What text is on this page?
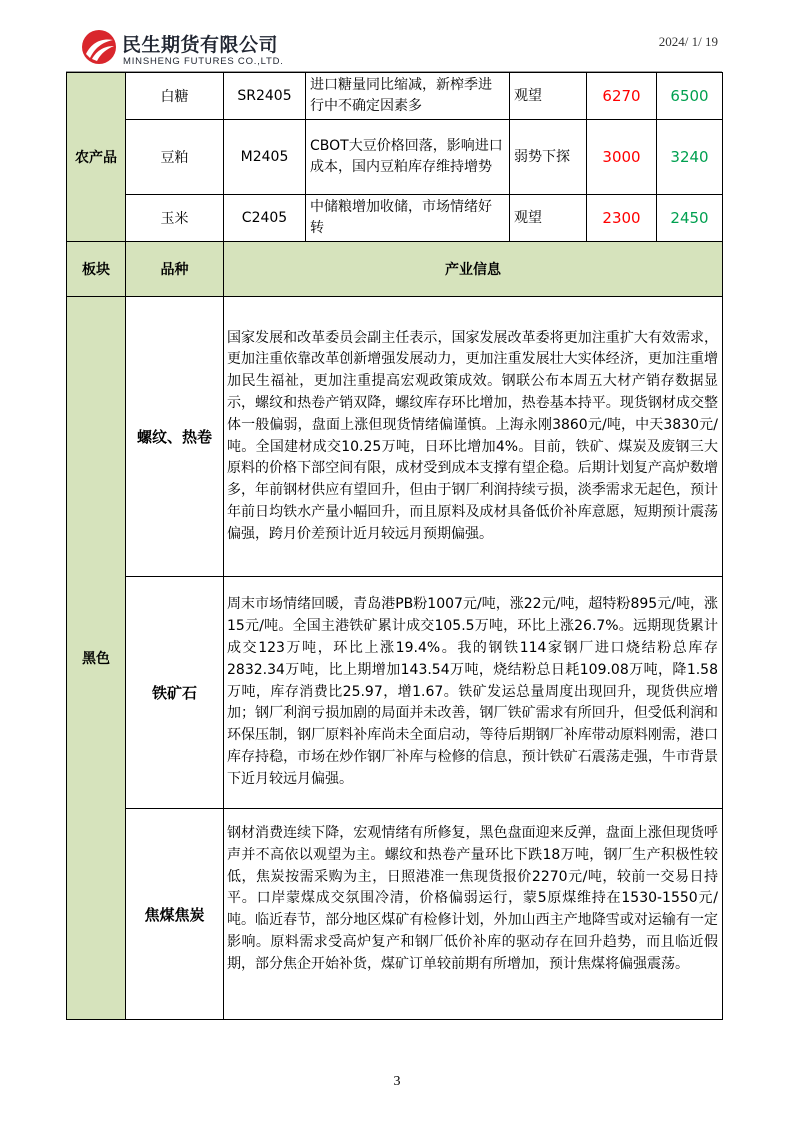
民生期货有限公司
MINSHENG FUTURES CO.,LTD.
2024/ 1/ 19
农产品	白糖	SR2405	进口糖量同比缩减，新榨季进行中不确定因素多	观望	6270	6500
	豆粕	M2405	CBOT大豆价格回落，影响进口成本，国内豆粕库存维持增势	弱势下探	3000	3240
	玉米	C2405	中储粮增加收储，市场情绪好转	观望	2300	2450
板块	品种	产业信息				
黑色	螺纹、热卷	国家发展和改革委员会副主任表示，国家发展改革委将更加注重扩大有效需求，更加注重依靠改革创新增强发展动力，更加注重发展壮大实体经济，更加注重增加民生福祉，更加注重提高宏观政策成效。钢联公布本周五大材产销存数据显示，螺纹和热卷产销双降，螺纹库存环比增加，热卷基本持平。现货钢材成交整体一般偏弱，盘面上涨但现货情绪偏谨慎。上海永刚3860元/吨，中天3830元/吨。全国建材成交10.25万吨，日环比增加4%。目前，铁矿、煤炭及废钢三大原料的价格下部空间有限，成材受到成本支撑有望企稳。后期计划复产高炉数增多，年前钢材供应有望回升，但由于钢厂利润持续亏损，淡季需求无起色，预计年前日均铁水产量小幅回升，而且原料及成材具备低价补库意愿，短期预计震荡偏强，跨月价差预计近月较远月预期偏强。				
	铁矿石	周末市场情绪回暖，青岛港PB粉1007元/吨，涨22元/吨，超特粉895元/吨，涨15元/吨。全国主港铁矿累计成交105.5万吨，环比上涨26.7%。远期现货累计成交123万吨，环比上涨19.4%。我的钢铁114家钢厂进口烧结粉总库存2832.34万吨，比上期增加143.54万吨，烧结粉总日耗109.08万吨，降1.58万吨，库存消费比25.97，增1.67。铁矿发运总量周度出现回升，现货供应增加；钢厂利润亏损加剧的局面并未改善，钢厂铁矿需求有所回升，但受低利润和环保压制，钢厂原料补库尚未全面启动，等待后期钢厂补库带动原料刚需，港口库存持稳，市场在炒作钢厂补库与检修的信息，预计铁矿石震荡走强，牛市背景下近月较远月偏强。				
	焦煤焦炭	钢材消费连续下降，宏观情绪有所修复，黑色盘面迎来反弹，盘面上涨但现货呼声并不高依以观望为主。螺纹和热卷产量环比下跌18万吨，钢厂生产积极性较低，焦炭按需采购为主，日照港准一焦现货报价2270元/吨，较前一交易日持平。口岸蒙煤成交氛围冷清，价格偏弱运行，蒙5原煤维持在1530-1550元/吨。临近春节，部分地区煤矿有检修计划，外加山西主产地降雪或对运输有一定影响。原料需求受高炉复产和钢厂低价补库的驱动存在回升趋势，而且临近假期，部分焦企开始补货，煤矿订单较前期有所增加，预计焦煤将偏强震荡。				
3
